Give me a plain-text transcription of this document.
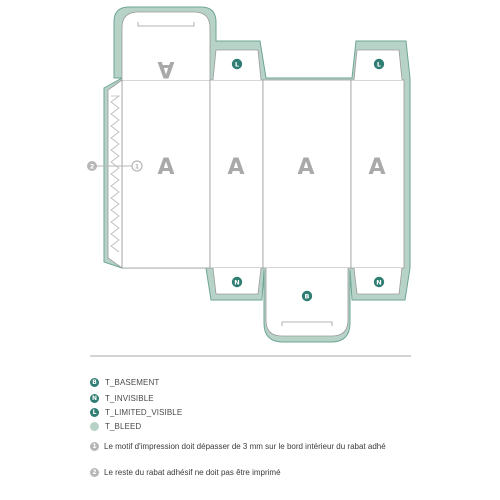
A A A A
A	L	L
N	N
B
2	1
B T_BASEMENT
N T_INVISIBLE
L	T_LIMITED_VISIBLE
T_BLEED
1 Le motif d'impression doit dépasser de 3 mm sur le bord intérieur du rabat adhé
2 Le reste du rabat adhésif ne doit pas être imprimé
